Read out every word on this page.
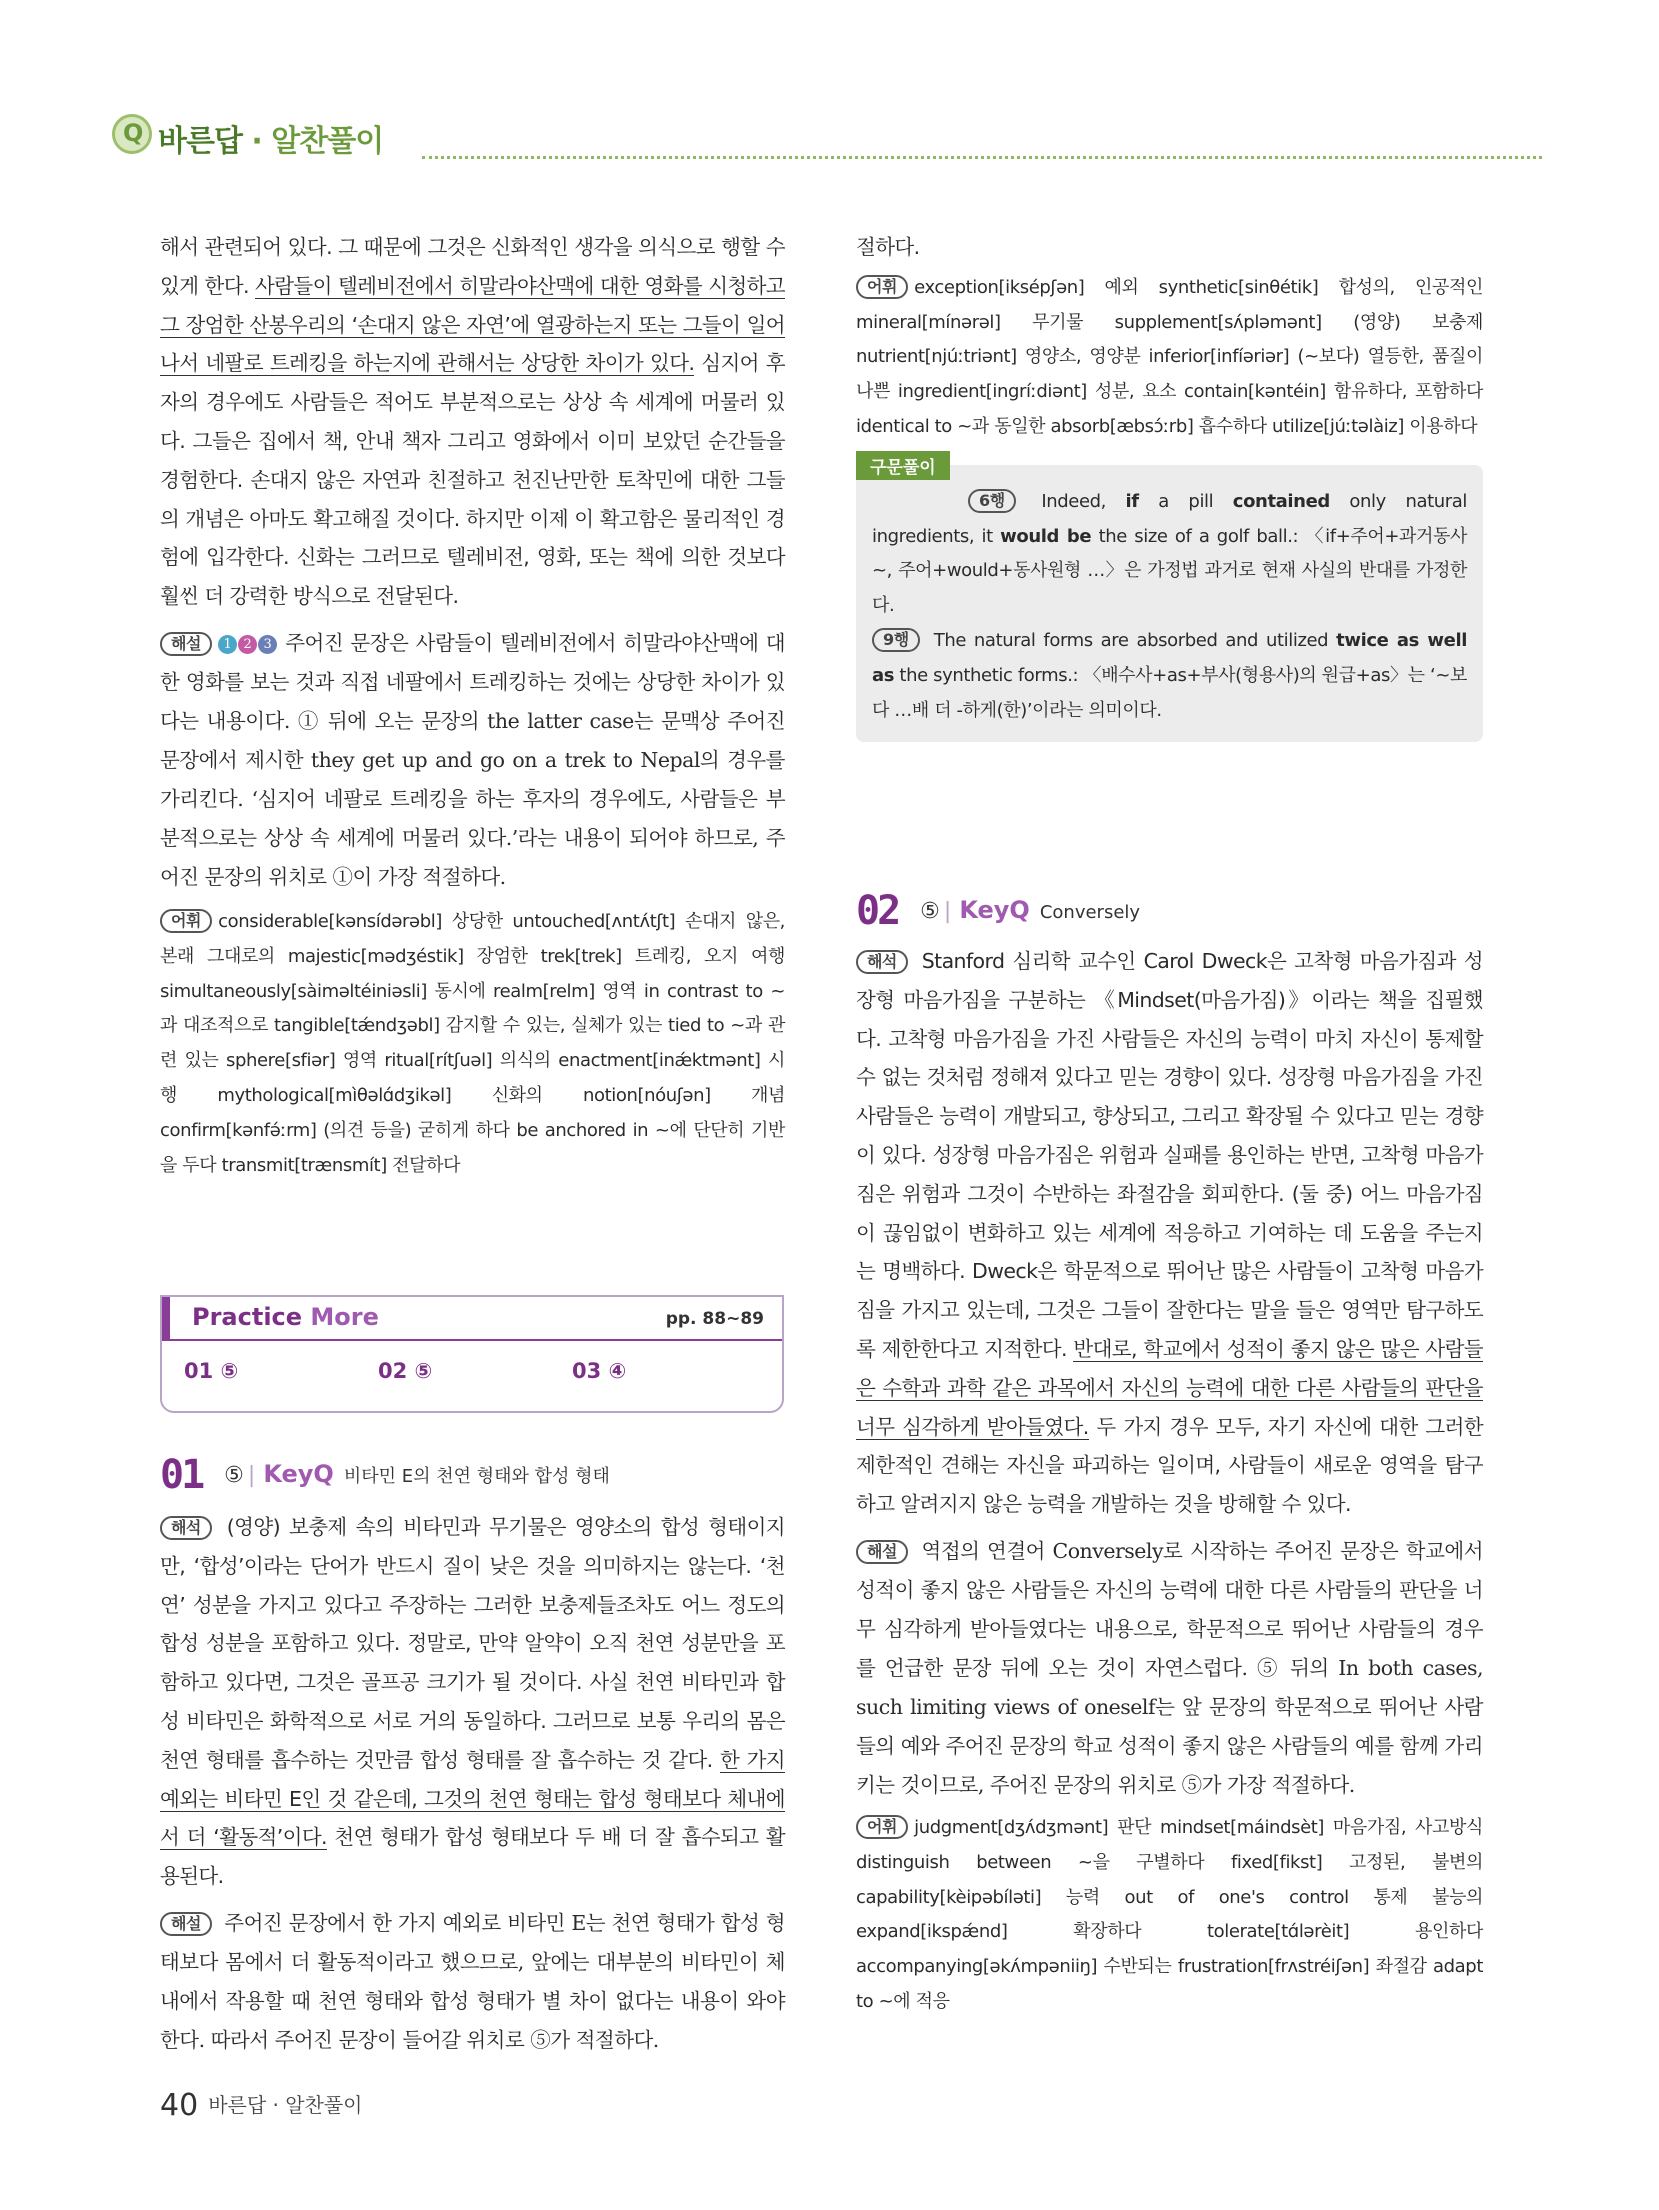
Q 바른답 · 알찬풀이

해서 관련되어 있다. 그 때문에 그것은 신화적인 생각을 의식으로 행할 수 있게 한다. 사람들이 텔레비전에서 히말라야산맥에 대한 영화를 시청하고 그 장엄한 산봉우리의 ‘손대지 않은 자연’에 열광하는지 또는 그들이 일어나서 네팔로 트레킹을 하는지에 관해서는 상당한 차이가 있다. 심지어 후자의 경우에도 사람들은 적어도 부분적으로는 상상 속 세계에 머물러 있다. 그들은 집에서 책, 안내 책자 그리고 영화에서 이미 보았던 순간들을 경험한다. 손대지 않은 자연과 친절하고 천진난만한 토착민에 대한 그들의 개념은 아마도 확고해질 것이다. 하지만 이제 이 확고함은 물리적인 경험에 입각한다. 신화는 그러므로 텔레비전, 영화, 또는 책에 의한 것보다 훨씬 더 강력한 방식으로 전달된다.

해설 1 2 3 주어진 문장은 사람들이 텔레비전에서 히말라야산맥에 대한 영화를 보는 것과 직접 네팔에서 트레킹하는 것에는 상당한 차이가 있다는 내용이다. ① 뒤에 오는 문장의 the latter case는 문맥상 주어진 문장에서 제시한 they get up and go on a trek to Nepal의 경우를 가리킨다. ‘심지어 네팔로 트레킹을 하는 후자의 경우에도, 사람들은 부분적으로는 상상 속 세계에 머물러 있다.’라는 내용이 되어야 하므로, 주어진 문장의 위치로 ①이 가장 적절하다.

어휘 considerable[kənsídərəbl] 상당한 untouched[ʌntʌ́tʃt] 손대지 않은, 본래 그대로의 majestic[mədʒéstik] 장엄한 trek[trek] 트레킹, 오지 여행 simultaneously[sàiməltéiniəsli] 동시에 realm[relm] 영역 in contrast to ~과 대조적으로 tangible[tǽndʒəbl] 감지할 수 있는, 실체가 있는 tied to ~과 관련 있는 sphere[sfiər] 영역 ritual[rítʃuəl] 의식의 enactment[inǽktmənt] 시행 mythological[mìθəlɑ́dʒikəl] 신화의 notion[nóuʃən] 개념 confirm[kənfə́ːrm] (의견 등을) 굳히게 하다 be anchored in ~에 단단히 기반을 두다 transmit[trænsmít] 전달하다

Practice More	pp. 88~89
01 ⑤	02 ⑤	03 ④

01 ⑤ | KeyQ 비타민 E의 천연 형태와 합성 형태

해석 (영양) 보충제 속의 비타민과 무기물은 영양소의 합성 형태이지만, ‘합성’이라는 단어가 반드시 질이 낮은 것을 의미하지는 않는다. ‘천연’ 성분을 가지고 있다고 주장하는 그러한 보충제들조차도 어느 정도의 합성 성분을 포함하고 있다. 정말로, 만약 알약이 오직 천연 성분만을 포함하고 있다면, 그것은 골프공 크기가 될 것이다. 사실 천연 비타민과 합성 비타민은 화학적으로 서로 거의 동일하다. 그러므로 보통 우리의 몸은 천연 형태를 흡수하는 것만큼 합성 형태를 잘 흡수하는 것 같다. 한 가지 예외는 비타민 E인 것 같은데, 그것의 천연 형태는 합성 형태보다 체내에서 더 ‘활동적’이다. 천연 형태가 합성 형태보다 두 배 더 잘 흡수되고 활용된다.

해설 주어진 문장에서 한 가지 예외로 비타민 E는 천연 형태가 합성 형태보다 몸에서 더 활동적이라고 했으므로, 앞에는 대부분의 비타민이 체내에서 작용할 때 천연 형태와 합성 형태가 별 차이 없다는 내용이 와야 한다. 따라서 주어진 문장이 들어갈 위치로 ⑤가 적절하다.

절하다.

어휘 exception[iksépʃən] 예외 synthetic[sinθétik] 합성의, 인공적인 mineral[mínərəl] 무기물 supplement[sʌ́pləmənt] (영양) 보충제 nutrient[njúːtriənt] 영양소, 영양분 inferior[infíəriər] (~보다) 열등한, 품질이 나쁜 ingredient[ingríːdiənt] 성분, 요소 contain[kəntéin] 함유하다, 포함하다 identical to ~과 동일한 absorb[æbsɔ́ːrb] 흡수하다 utilize[júːtəlàiz] 이용하다

구문풀이

6행 Indeed, if a pill contained only natural ingredients, it would be the size of a golf ball.: 〈if+주어+과거동사 ~, 주어+would+동사원형 …〉은 가정법 과거로 현재 사실의 반대를 가정한다.

9행 The natural forms are absorbed and utilized twice as well as the synthetic forms.: 〈배수사+as+부사(형용사)의 원급+as〉는 ‘~보다 …배 더 -하게(한)’이라는 의미이다.

02 ⑤ | KeyQ Conversely

해석 Stanford 심리학 교수인 Carol Dweck은 고착형 마음가짐과 성장형 마음가짐을 구분하는 《Mindset(마음가짐)》이라는 책을 집필했다. 고착형 마음가짐을 가진 사람들은 자신의 능력이 마치 자신이 통제할 수 없는 것처럼 정해져 있다고 믿는 경향이 있다. 성장형 마음가짐을 가진 사람들은 능력이 개발되고, 향상되고, 그리고 확장될 수 있다고 믿는 경향이 있다. 성장형 마음가짐은 위험과 실패를 용인하는 반면, 고착형 마음가짐은 위험과 그것이 수반하는 좌절감을 회피한다. (둘 중) 어느 마음가짐이 끊임없이 변화하고 있는 세계에 적응하고 기여하는 데 도움을 주는지는 명백하다. Dweck은 학문적으로 뛰어난 많은 사람들이 고착형 마음가짐을 가지고 있는데, 그것은 그들이 잘한다는 말을 들은 영역만 탐구하도록 제한한다고 지적한다. 반대로, 학교에서 성적이 좋지 않은 많은 사람들은 수학과 과학 같은 과목에서 자신의 능력에 대한 다른 사람들의 판단을 너무 심각하게 받아들였다. 두 가지 경우 모두, 자기 자신에 대한 그러한 제한적인 견해는 자신을 파괴하는 일이며, 사람들이 새로운 영역을 탐구하고 알려지지 않은 능력을 개발하는 것을 방해할 수 있다.

해설 역접의 연결어 Conversely로 시작하는 주어진 문장은 학교에서 성적이 좋지 않은 사람들은 자신의 능력에 대한 다른 사람들의 판단을 너무 심각하게 받아들였다는 내용으로, 학문적으로 뛰어난 사람들의 경우를 언급한 문장 뒤에 오는 것이 자연스럽다. ⑤ 뒤의 In both cases, such limiting views of oneself는 앞 문장의 학문적으로 뛰어난 사람들의 예와 주어진 문장의 학교 성적이 좋지 않은 사람들의 예를 함께 가리키는 것이므로, 주어진 문장의 위치로 ⑤가 가장 적절하다.

어휘 judgment[dʒʌ́dʒmənt] 판단 mindset[máindsèt] 마음가짐, 사고방식 distinguish between ~을 구별하다 fixed[fikst] 고정된, 불변의 capability[kèipəbíləti] 능력 out of one's control 통제 불능의 expand[ikspǽnd] 확장하다 tolerate[tɑ́lərèit] 용인하다 accompanying[əkʌ́mpəniiŋ] 수반되는 frustration[frʌstréiʃən] 좌절감 adapt to ~에 적응

40 바른답 · 알찬풀이
